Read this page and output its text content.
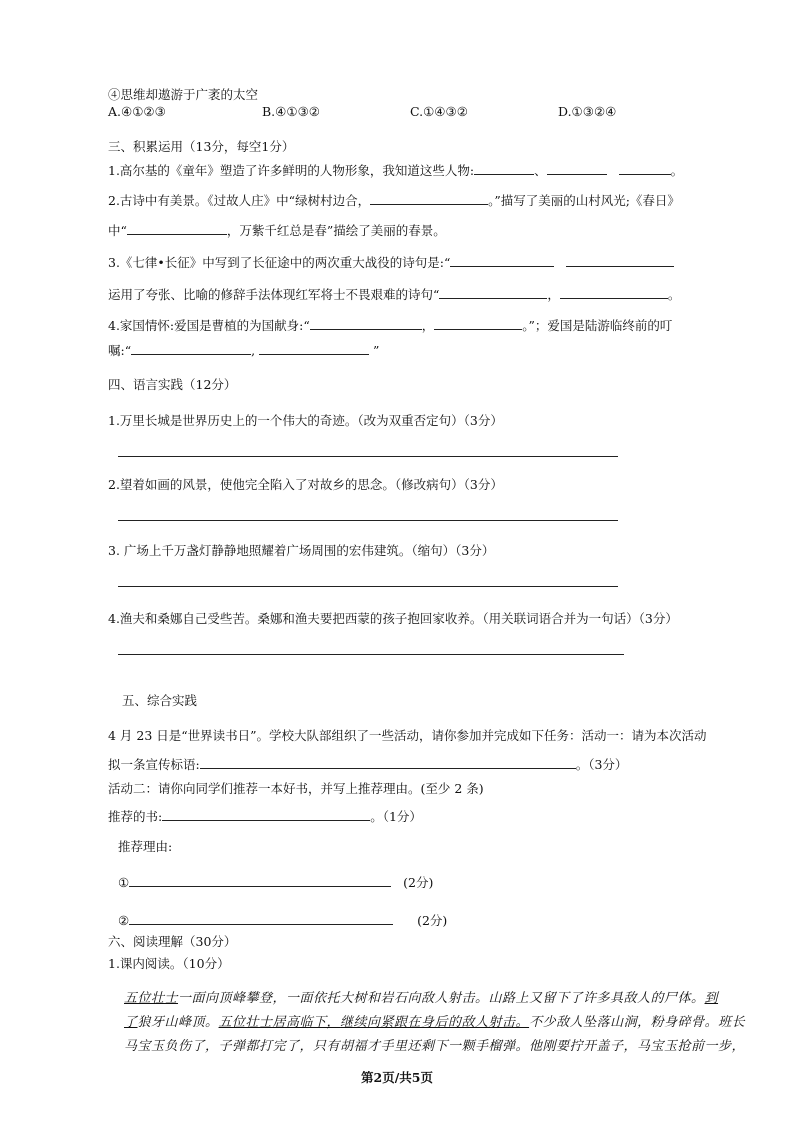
④思维却遨游于广袤的太空
A.④①②③	B.④①③②	C.①④③②	D.①③②④
三、积累运用（13分，每空1分）
1.高尔基的《童年》塑造了许多鲜明的人物形象，我知道这些人物:	、	。
2.古诗中有美景。《过故人庄》中“绿树村边合，	。”描写了美丽的山村风光;《春日》
中“	，万紫千红总是春”描绘了美丽的春景。
3.《七律•长征》中写到了长征途中的两次重大战役的诗句是:“
运用了夸张、比喻的修辞手法体现红军将士不畏艰难的诗句“	，	。
4.家国情怀:爱国是曹植的为国献身:“	，	。”；爱国是陆游临终前的叮
嘱:“	,	”
四、语言实践（12分）
1.万里长城是世界历史上的一个伟大的奇迹。（改为双重否定句）（3分）
2.望着如画的风景，使他完全陷入了对故乡的思念。（修改病句）（3分）
3. 广场上千万盏灯静静地照耀着广场周围的宏伟建筑。（缩句）（3分）
4.渔夫和桑娜自己受些苦。桑娜和渔夫要把西蒙的孩子抱回家收养。（用关联词语合并为一句话）（3分）
五、综合实践
4 月 23 日是“世界读书日”。学校大队部组织了一些活动，请你参加并完成如下任务：活动一：请为本次活动
拟一条宣传标语:	。（3分）
活动二：请你向同学们推荐一本好书，并写上推荐理由。(至少 2 条)
推荐的书:	。（1分）
推荐理由:
①	(2分)
②	(2分)
六、阅读理解（30分）
1.课内阅读。（10分）
五位壮士一面向顶峰攀登，一面依托大树和岩石向敌人射击。山路上又留下了许多具敌人的尸体。到
了狼牙山峰顶。五位壮士居高临下，继续向紧跟在身后的敌人射击。不少敌人坠落山涧，粉身碎骨。班长
马宝玉负伤了，子弹都打完了，只有胡福才手里还剩下一颗手榴弹。他刚要拧开盖子，马宝玉抢前一步，
第2页/共5页
